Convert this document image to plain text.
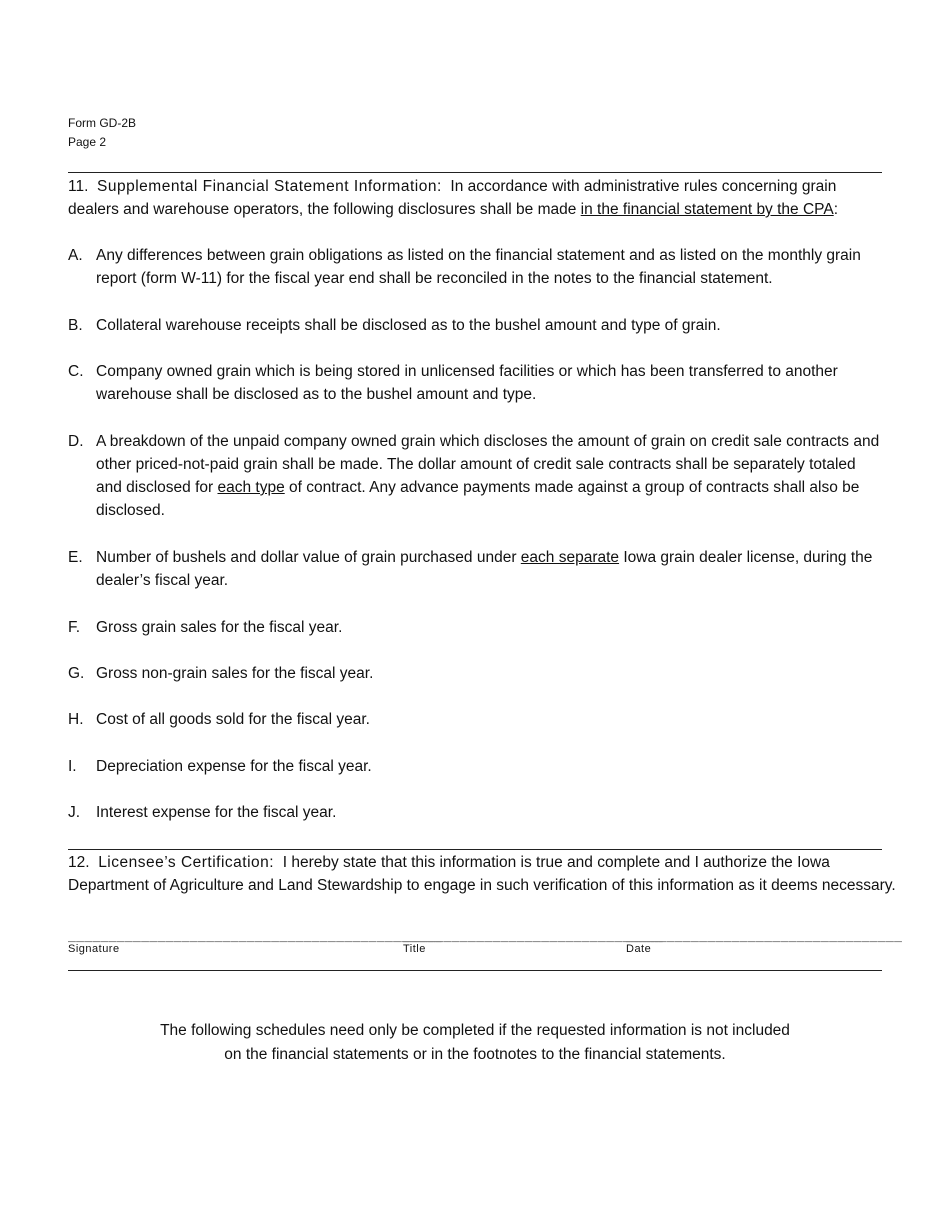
Form GD-2B
Page 2
11. Supplemental Financial Statement Information: In accordance with administrative rules concerning grain dealers and warehouse operators, the following disclosures shall be made in the financial statement by the CPA:
A. Any differences between grain obligations as listed on the financial statement and as listed on the monthly grain report (form W-11) for the fiscal year end shall be reconciled in the notes to the financial statement.
B. Collateral warehouse receipts shall be disclosed as to the bushel amount and type of grain.
C. Company owned grain which is being stored in unlicensed facilities or which has been transferred to another warehouse shall be disclosed as to the bushel amount and type.
D. A breakdown of the unpaid company owned grain which discloses the amount of grain on credit sale contracts and other priced-not-paid grain shall be made. The dollar amount of credit sale contracts shall be separately totaled and disclosed for each type of contract. Any advance payments made against a group of contracts shall also be disclosed.
E. Number of bushels and dollar value of grain purchased under each separate Iowa grain dealer license, during the dealer’s fiscal year.
F.	Gross grain sales for the fiscal year.
G. Gross non-grain sales for the fiscal year.
H. Cost of all goods sold for the fiscal year.
I.	Depreciation expense for the fiscal year.
J.	Interest expense for the fiscal year.
12. Licensee’s Certification: I hereby state that this information is true and complete and I authorize the Iowa Department of Agriculture and Land Stewardship to engage in such verification of this information as it deems necessary.
______________________________________________
________________________________
__________________________________
Signature	Title	Date
The following schedules need only be completed if the requested information is not included
on the financial statements or in the footnotes to the financial statements.
